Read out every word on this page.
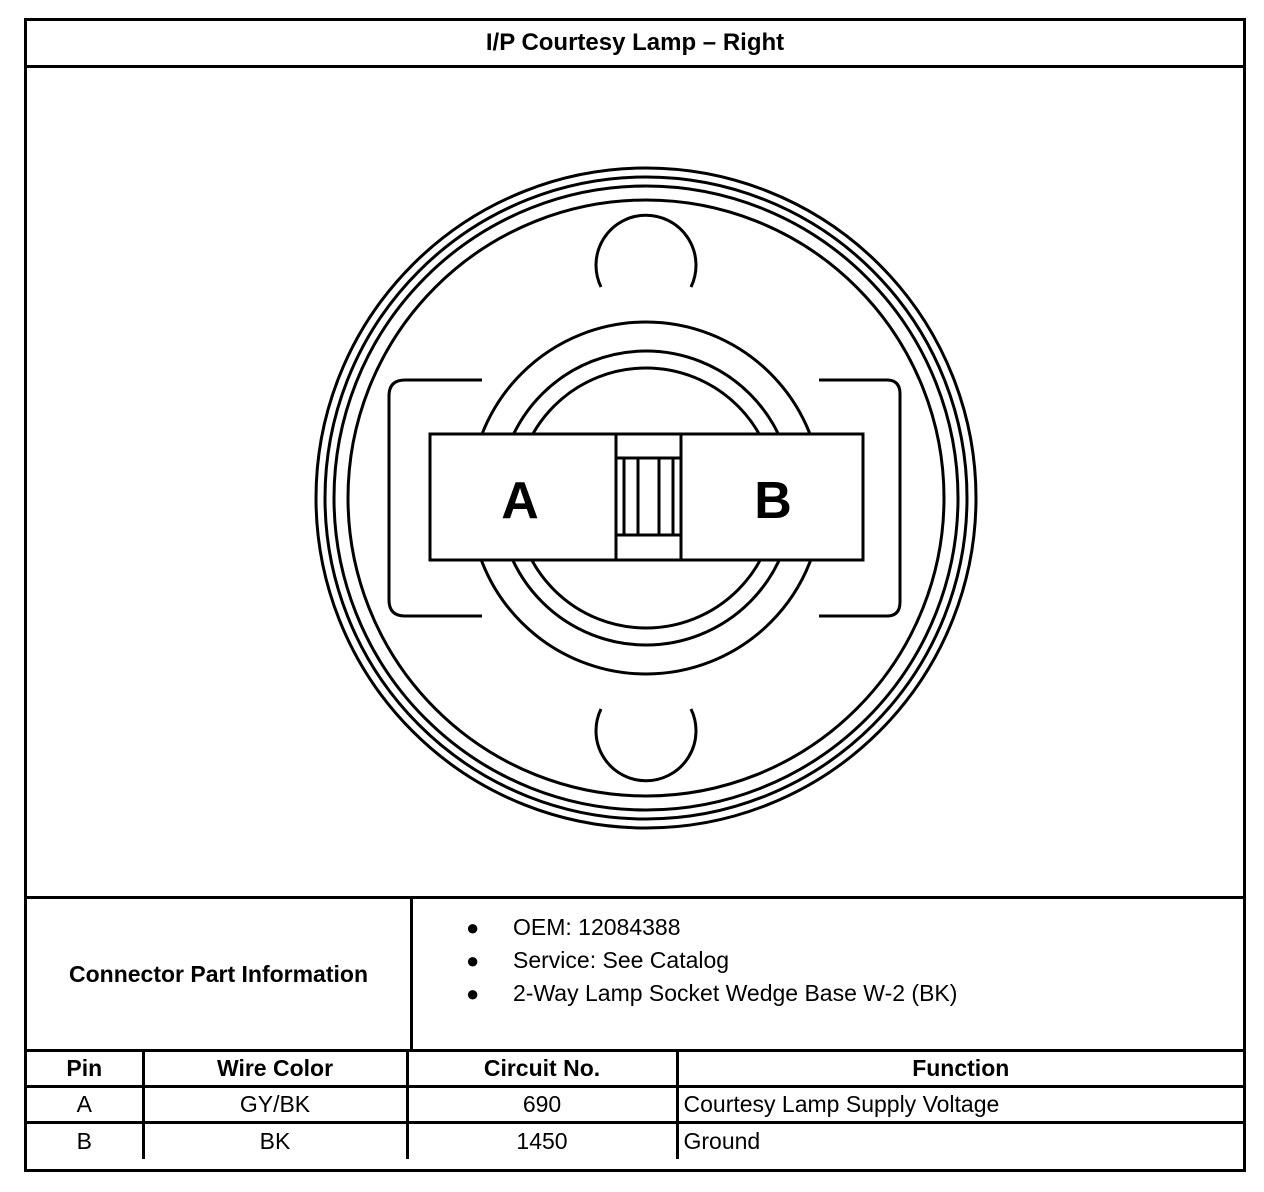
I/P Courtesy Lamp – Right
A	B
Connector Part Information
● OEM: 12084388
● Service: See Catalog
● 2-Way Lamp Socket Wedge Base W-2 (BK)
Pin	Wire Color	Circuit No.	Function
A	GY/BK	690	Courtesy Lamp Supply Voltage
B	BK	1450	Ground
